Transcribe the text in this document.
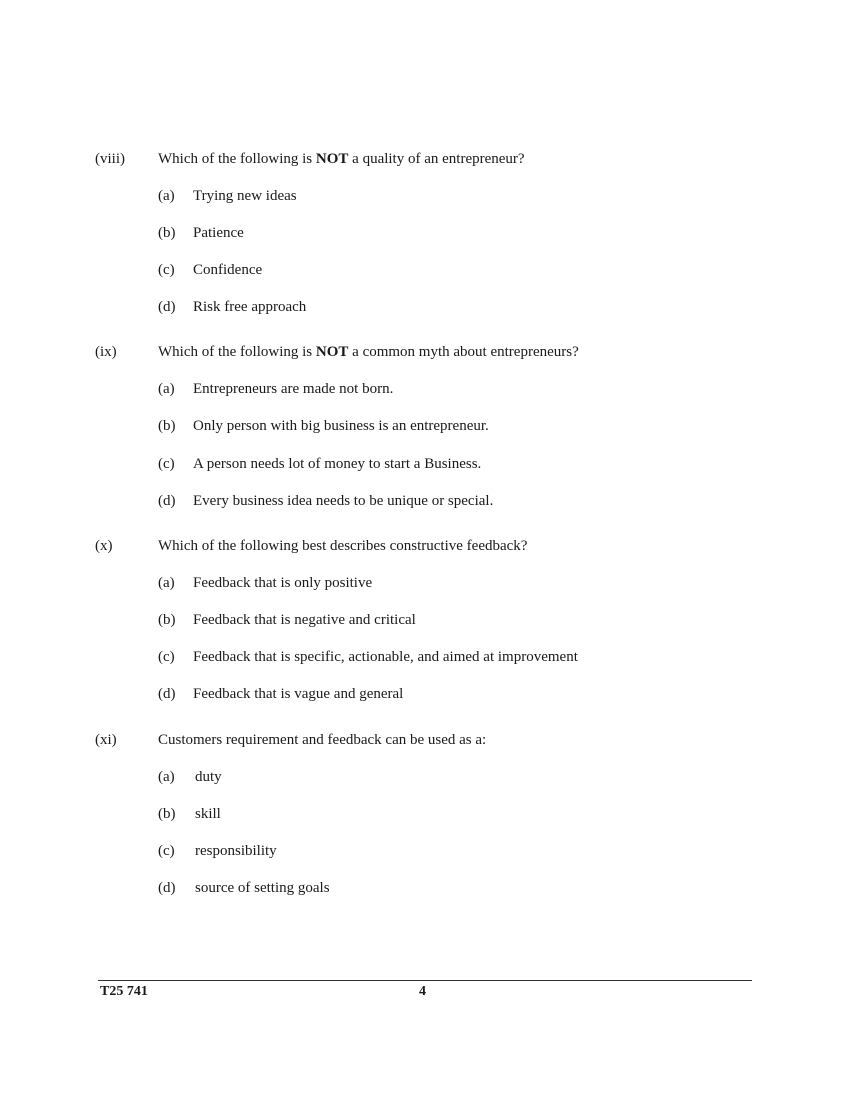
(viii) Which of the following is NOT a quality of an entrepreneur?
(a) Trying new ideas
(b) Patience
(c) Confidence
(d) Risk free approach
(ix)	Which of the following is NOT a common myth about entrepreneurs?
(a) Entrepreneurs are made not born.
(b) Only person with big business is an entrepreneur.
(c) A person needs lot of money to start a Business.
(d) Every business idea needs to be unique or special.
(x)	Which of the following best describes constructive feedback?
(a) Feedback that is only positive
(b) Feedback that is negative and critical
(c) Feedback that is specific, actionable, and aimed at improvement
(d) Feedback that is vague and general
(xi)	Customers requirement and feedback can be used as a:
(a) duty
(b) skill
(c) responsibility
(d) source of setting goals
T25 741	4
